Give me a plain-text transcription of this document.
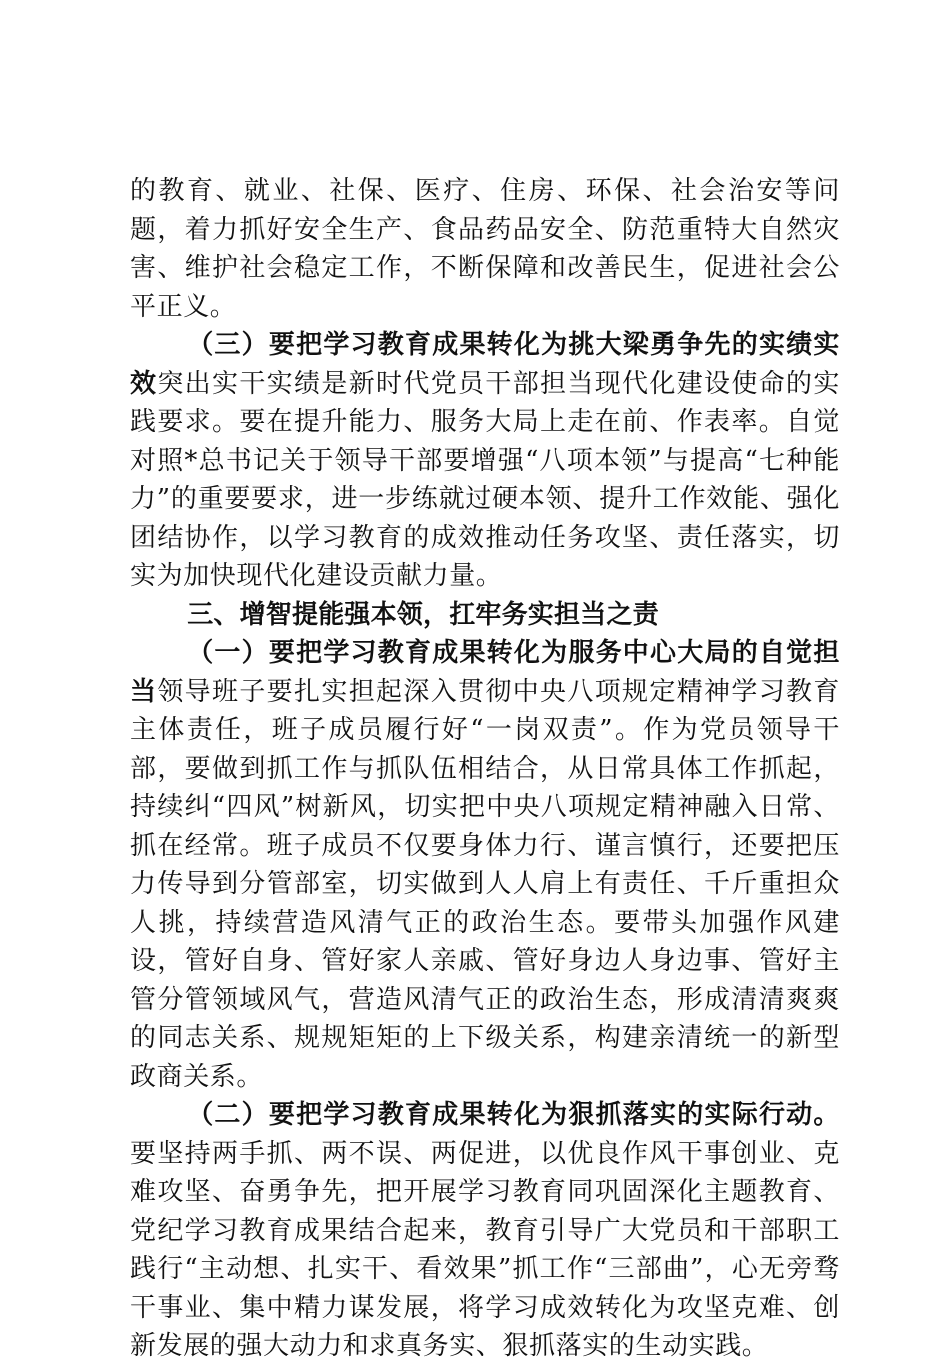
的教育、就业、社保、医疗、住房、环保、社会治安等问题，着力抓好安全生产、食品药品安全、防范重特大自然灾害、维护社会稳定工作，不断保障和改善民生，促进社会公平正义。

（三）要把学习教育成果转化为挑大梁勇争先的实绩实效突出实干实绩是新时代党员干部担当现代化建设使命的实践要求。要在提升能力、服务大局上走在前、作表率。自觉对照*总书记关于领导干部要增强“八项本领”与提高“七种能力”的重要要求，进一步练就过硬本领、提升工作效能、强化团结协作，以学习教育的成效推动任务攻坚、责任落实，切实为加快现代化建设贡献力量。

三、增智提能强本领，扛牢务实担当之责

（一）要把学习教育成果转化为服务中心大局的自觉担当领导班子要扎实担起深入贯彻中央八项规定精神学习教育主体责任，班子成员履行好“一岗双责”。作为党员领导干部，要做到抓工作与抓队伍相结合，从日常具体工作抓起，持续纠“四风”树新风，切实把中央八项规定精神融入日常、抓在经常。班子成员不仅要身体力行、谨言慎行，还要把压力传导到分管部室，切实做到人人肩上有责任、千斤重担众人挑，持续营造风清气正的政治生态。要带头加强作风建设，管好自身、管好家人亲戚、管好身边人身边事、管好主管分管领域风气，营造风清气正的政治生态，形成清清爽爽的同志关系、规规矩矩的上下级关系，构建亲清统一的新型政商关系。

（二）要把学习教育成果转化为狠抓落实的实际行动。要坚持两手抓、两不误、两促进，以优良作风干事创业、克难攻坚、奋勇争先，把开展学习教育同巩固深化主题教育、党纪学习教育成果结合起来，教育引导广大党员和干部职工践行“主动想、扎实干、看效果”抓工作“三部曲”，心无旁骛干事业、集中精力谋发展，将学习成效转化为攻坚克难、创新发展的强大动力和求真务实、狠抓落实的生动实践。
